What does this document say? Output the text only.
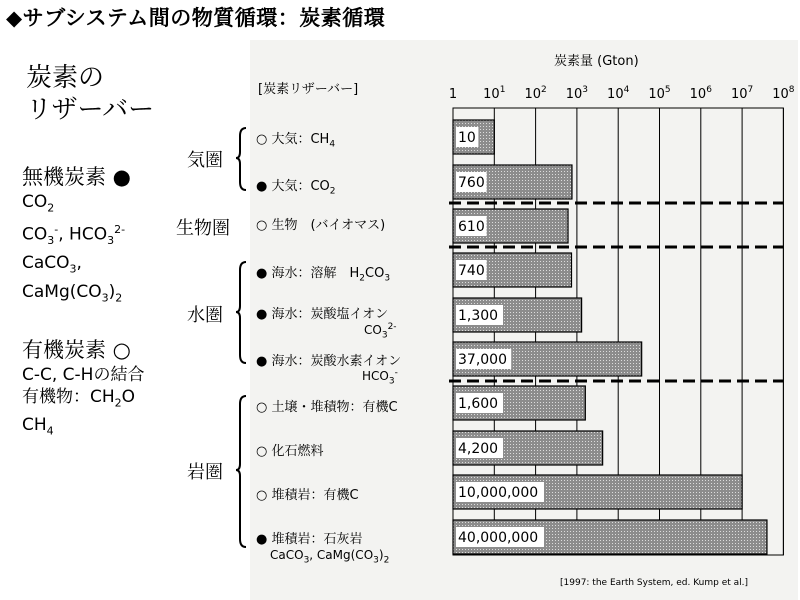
◆サブシステム間の物質循環：炭素循環
炭素の
リザーバー
無機炭素 ●
$CO_2$
$CO_3^-$, $HCO_3^{2-}$
CaCO$_3$,
$CaMg(CO_3)_2$
有機炭素 ○
C-C, C-Hの結合
有機物：$CH_2O$
$CH_4$
気圏
生物圏
水圏
岩圏
[炭素リザーバー]
炭素量 (Gton)
○ 大気：$CH_4$
● 大気：$CO_2$
○ 生物　(バイオマス)
● 海水：溶解　$H_2CO_3$
● 海水：炭酸塩イオン
$CO_3^{2-}$
● 海水：炭酸水素イオン
$HCO_3^-$
○ 土壌・堆積物：有機C
○ 化石燃料
○ 堆積岩：有機C
● 堆積岩：石灰岩
CaCO$_3$, $CaMg(CO_3)_2$
10
760
610
740
1,300
37,000
1,600
4,200
10,000,000
40,000,000
1 $10^1$ $10^2$ $10^3$ $10^4$ $10^5$ $10^6$ $10^7$ $10^8$
[1997: the Earth System, ed. Kump et al.]
